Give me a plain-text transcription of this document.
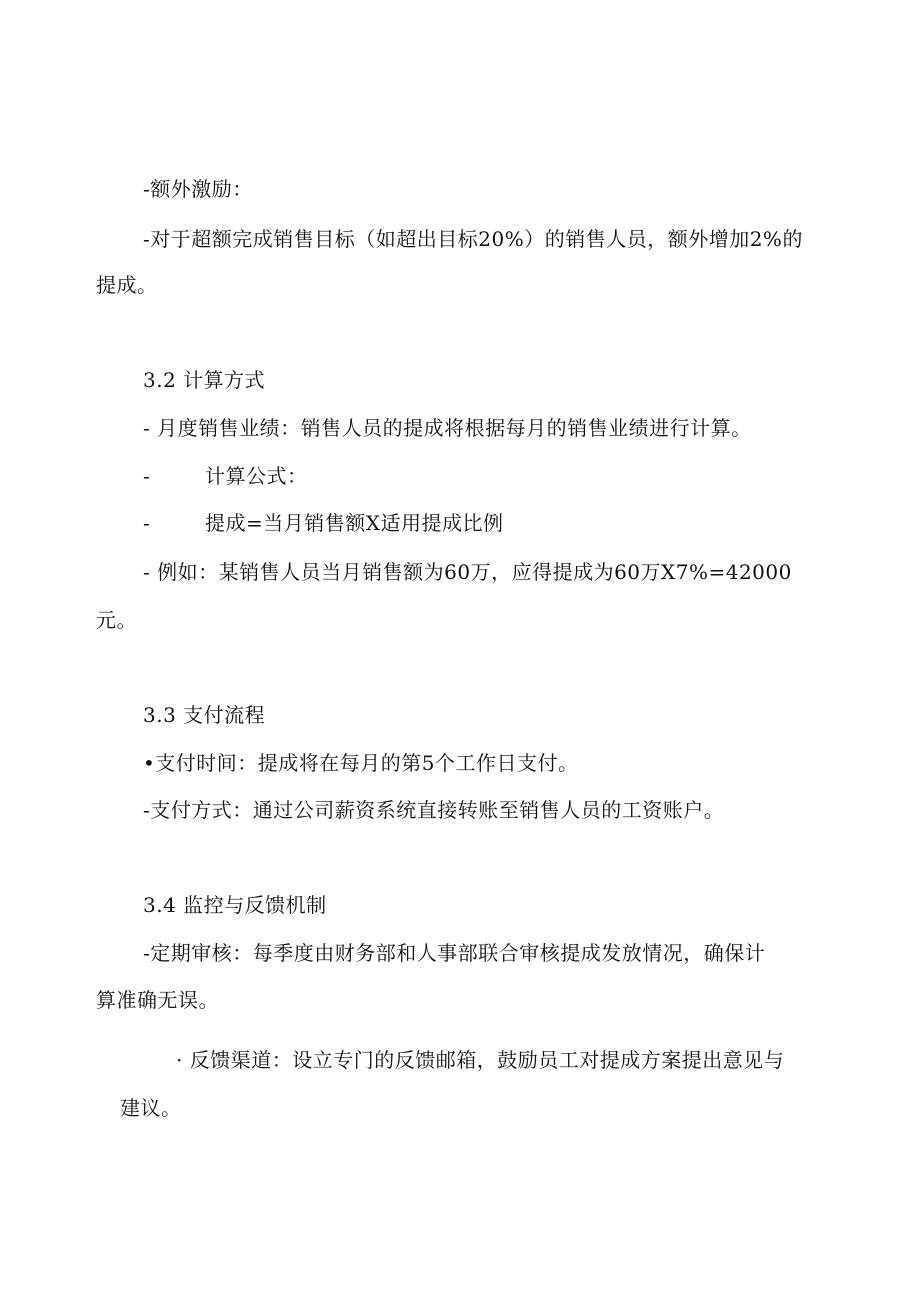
-额外激励：
-对于超额完成销售目标（如超出目标20%）的销售人员，额外增加2%的
提成。
3.2 计算方式
- 月度销售业绩：销售人员的提成将根据每月的销售业绩进行计算。
-	计算公式：
-	提成=当月销售额X适用提成比例
- 例如：某销售人员当月销售额为60万，应得提成为60万X7%=42000
元。
3.3 支付流程
•支付时间：提成将在每月的第5个工作日支付。
-支付方式：通过公司薪资系统直接转账至销售人员的工资账户。
3.4 监控与反馈机制
-定期审核：每季度由财务部和人事部联合审核提成发放情况，确保计
算准确无误。
· 反馈渠道：设立专门的反馈邮箱，鼓励员工对提成方案提出意见与
建议。
